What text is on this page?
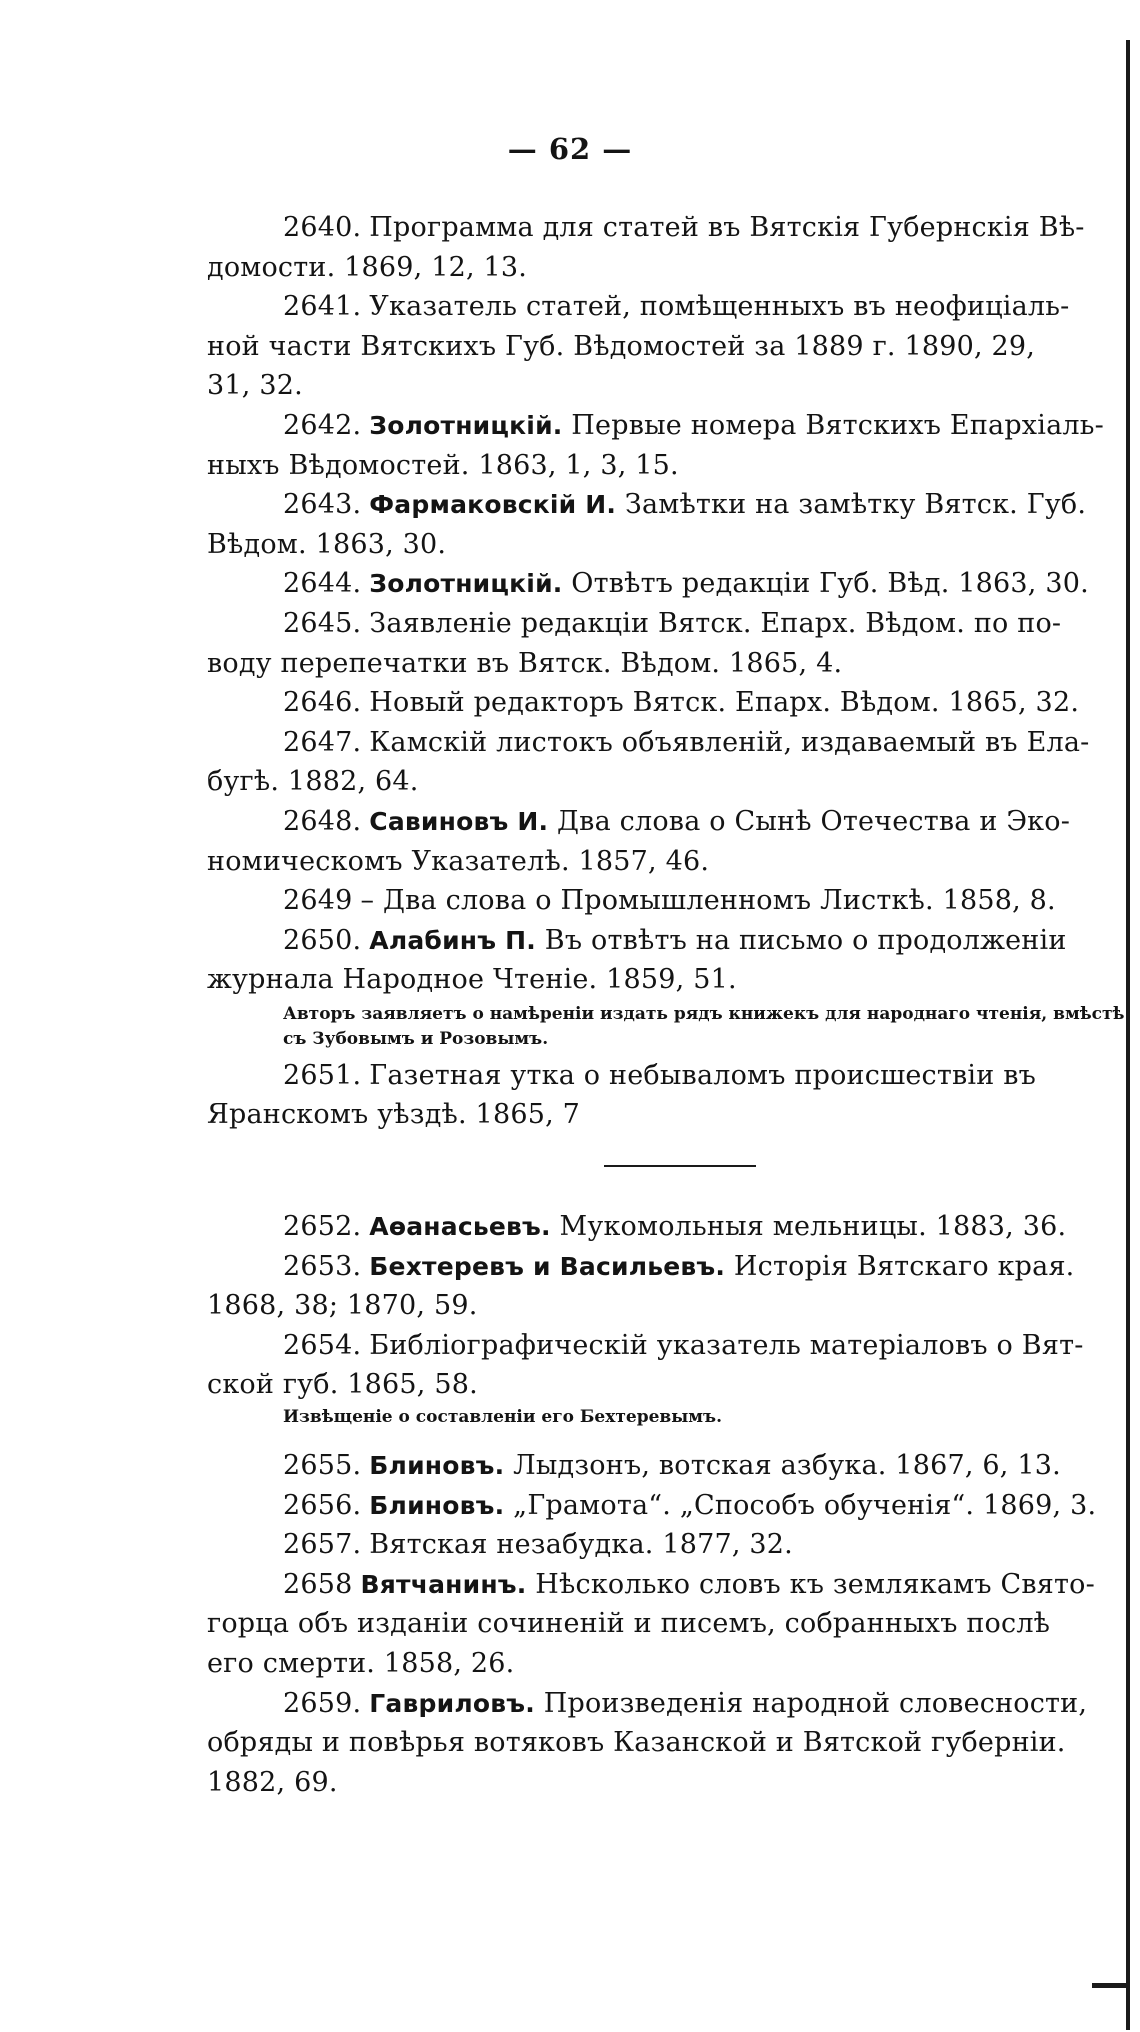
— 62 —

2640. Программа для статей въ Вятскія Губернскія Вѣ-

домости. 1869, 12, 13.

2641. Указатель статей, помѣщенныхъ въ неофиціаль-

ной части Вятскихъ Губ. Вѣдомостей за 1889 г. 1890, 29,

31, 32.

2642. Золотницкій. Первые номера Вятскихъ Епархіаль-

ныхъ Вѣдомостей. 1863, 1, 3, 15.

2643. Фармаковскій И. Замѣтки на замѣтку Вятск. Губ.

Вѣдом. 1863, 30.

2644. Золотницкій. Отвѣтъ редакціи Губ. Вѣд. 1863, 30.

2645. Заявленіе редакціи Вятск. Епарх. Вѣдом. по по-

воду перепечатки въ Вятск. Вѣдом. 1865, 4.

2646. Новый редакторъ Вятск. Епарх. Вѣдом. 1865, 32.

2647. Камскій листокъ объявленій, издаваемый въ Ела-

бугѣ. 1882, 64.

2648. Савиновъ И. Два слова о Сынѣ Отечества и Эко-

номическомъ Указателѣ. 1857, 46.

2649 – Два слова о Промышленномъ Листкѣ. 1858, 8.

2650. Алабинъ П. Въ отвѣтъ на письмо о продолженіи

журнала Народное Чтеніе. 1859, 51.

Авторъ заявляетъ о намѣреніи издать рядъ книжекъ для народнаго чтенія, вмѣстѣ съ Зубовымъ и Розовымъ.

2651. Газетная утка о небываломъ происшествіи въ

Яранскомъ уѣздѣ. 1865, 7

2652. Аѳанасьевъ. Мукомольныя мельницы. 1883, 36.

2653. Бехтеревъ и Васильевъ. Исторія Вятскаго края.

1868, 38; 1870, 59.

2654. Библіографическій указатель матеріаловъ о Вят-

ской губ. 1865, 58.

Извѣщеніе о составленіи его Бехтеревымъ.

2655. Блиновъ. Лыдзонъ, вотская азбука. 1867, 6, 13.

2656. Блиновъ. „Грамота“. „Способъ обученія“. 1869, 3.

2657. Вятская незабудка. 1877, 32.

2658 Вятчанинъ. Нѣсколько словъ къ землякамъ Свято-

горца объ изданіи сочиненій и писемъ, собранныхъ послѣ

его смерти. 1858, 26.

2659. Гавриловъ. Произведенія народной словесности,

обряды и повѣрья вотяковъ Казанской и Вятской губерніи.

1882, 69.
